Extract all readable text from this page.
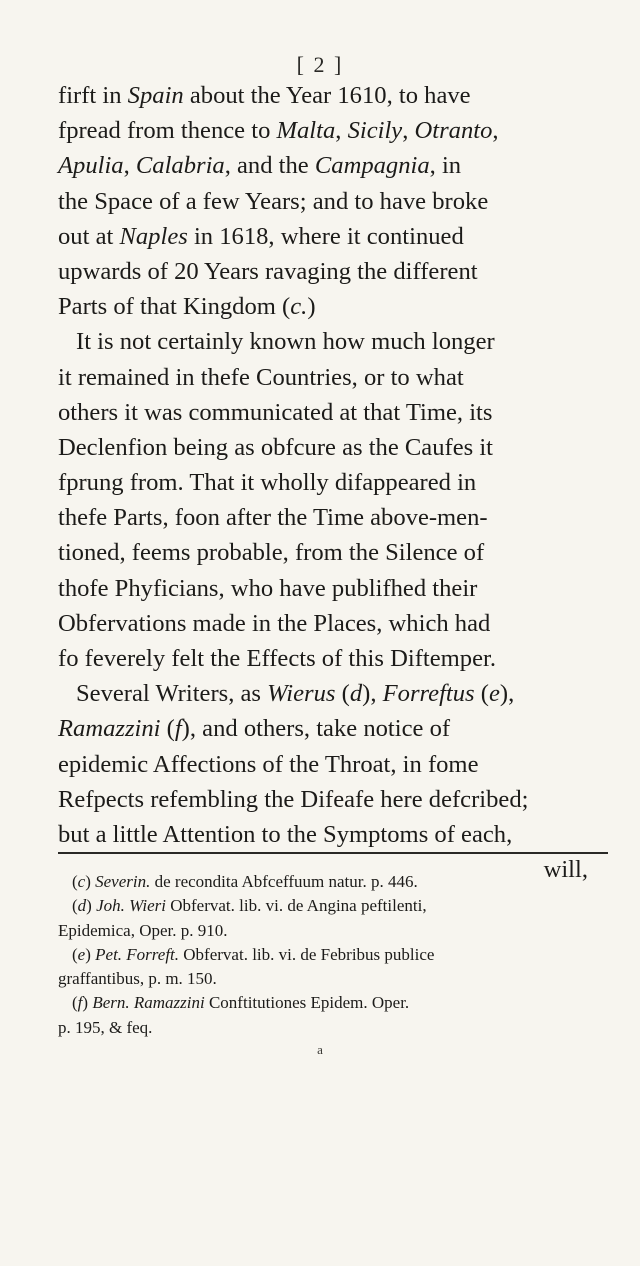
[ 2 ]
firft in Spain about the Year 1610, to have
fpread from thence to Malta, Sicily, Otranto,
Apulia, Calabria, and the Campagnia, in
the Space of a few Years; and to have broke
out at Naples in 1618, where it continued
upwards of 20 Years ravaging the different
Parts of that Kingdom ( c. )
It is not certainly known how much longer
it remained in thefe Countries, or to what
others it was communicated at that Time, its
Declenfion being as obfcure as the Caufes it
fprung from. That it wholly difappeared in
thefe Parts, foon after the Time above-men-
tioned, feems probable, from the Silence of
thofe Phyficians, who have publifhed their
Obfervations made in the Places, which had
fo feverely felt the Effects of this Diftemper.
Several Writers, as Wierus (d), Forreftus (e),
Ramazzini (f), and others, take notice of
epidemic Affections of the Throat, in fome
Refpects refembling the Difeafe here defcribed;
but a little Attention to the Symptoms of each,
will,
(c) Severin. de recondita Abfceffuum natur. p. 446.
(d) Joh. Wieri Obfervat. lib. vi. de Angina peftilenti,
Epidemica, Oper. p. 910.
(e) Pet. Forreft. Obfervat. lib. vi. de Febribus publice
graffantibus, p. m. 150.
(f) Bern. Ramazzini Conftitutiones Epidem. Oper.
p. 195, & feq.
a
